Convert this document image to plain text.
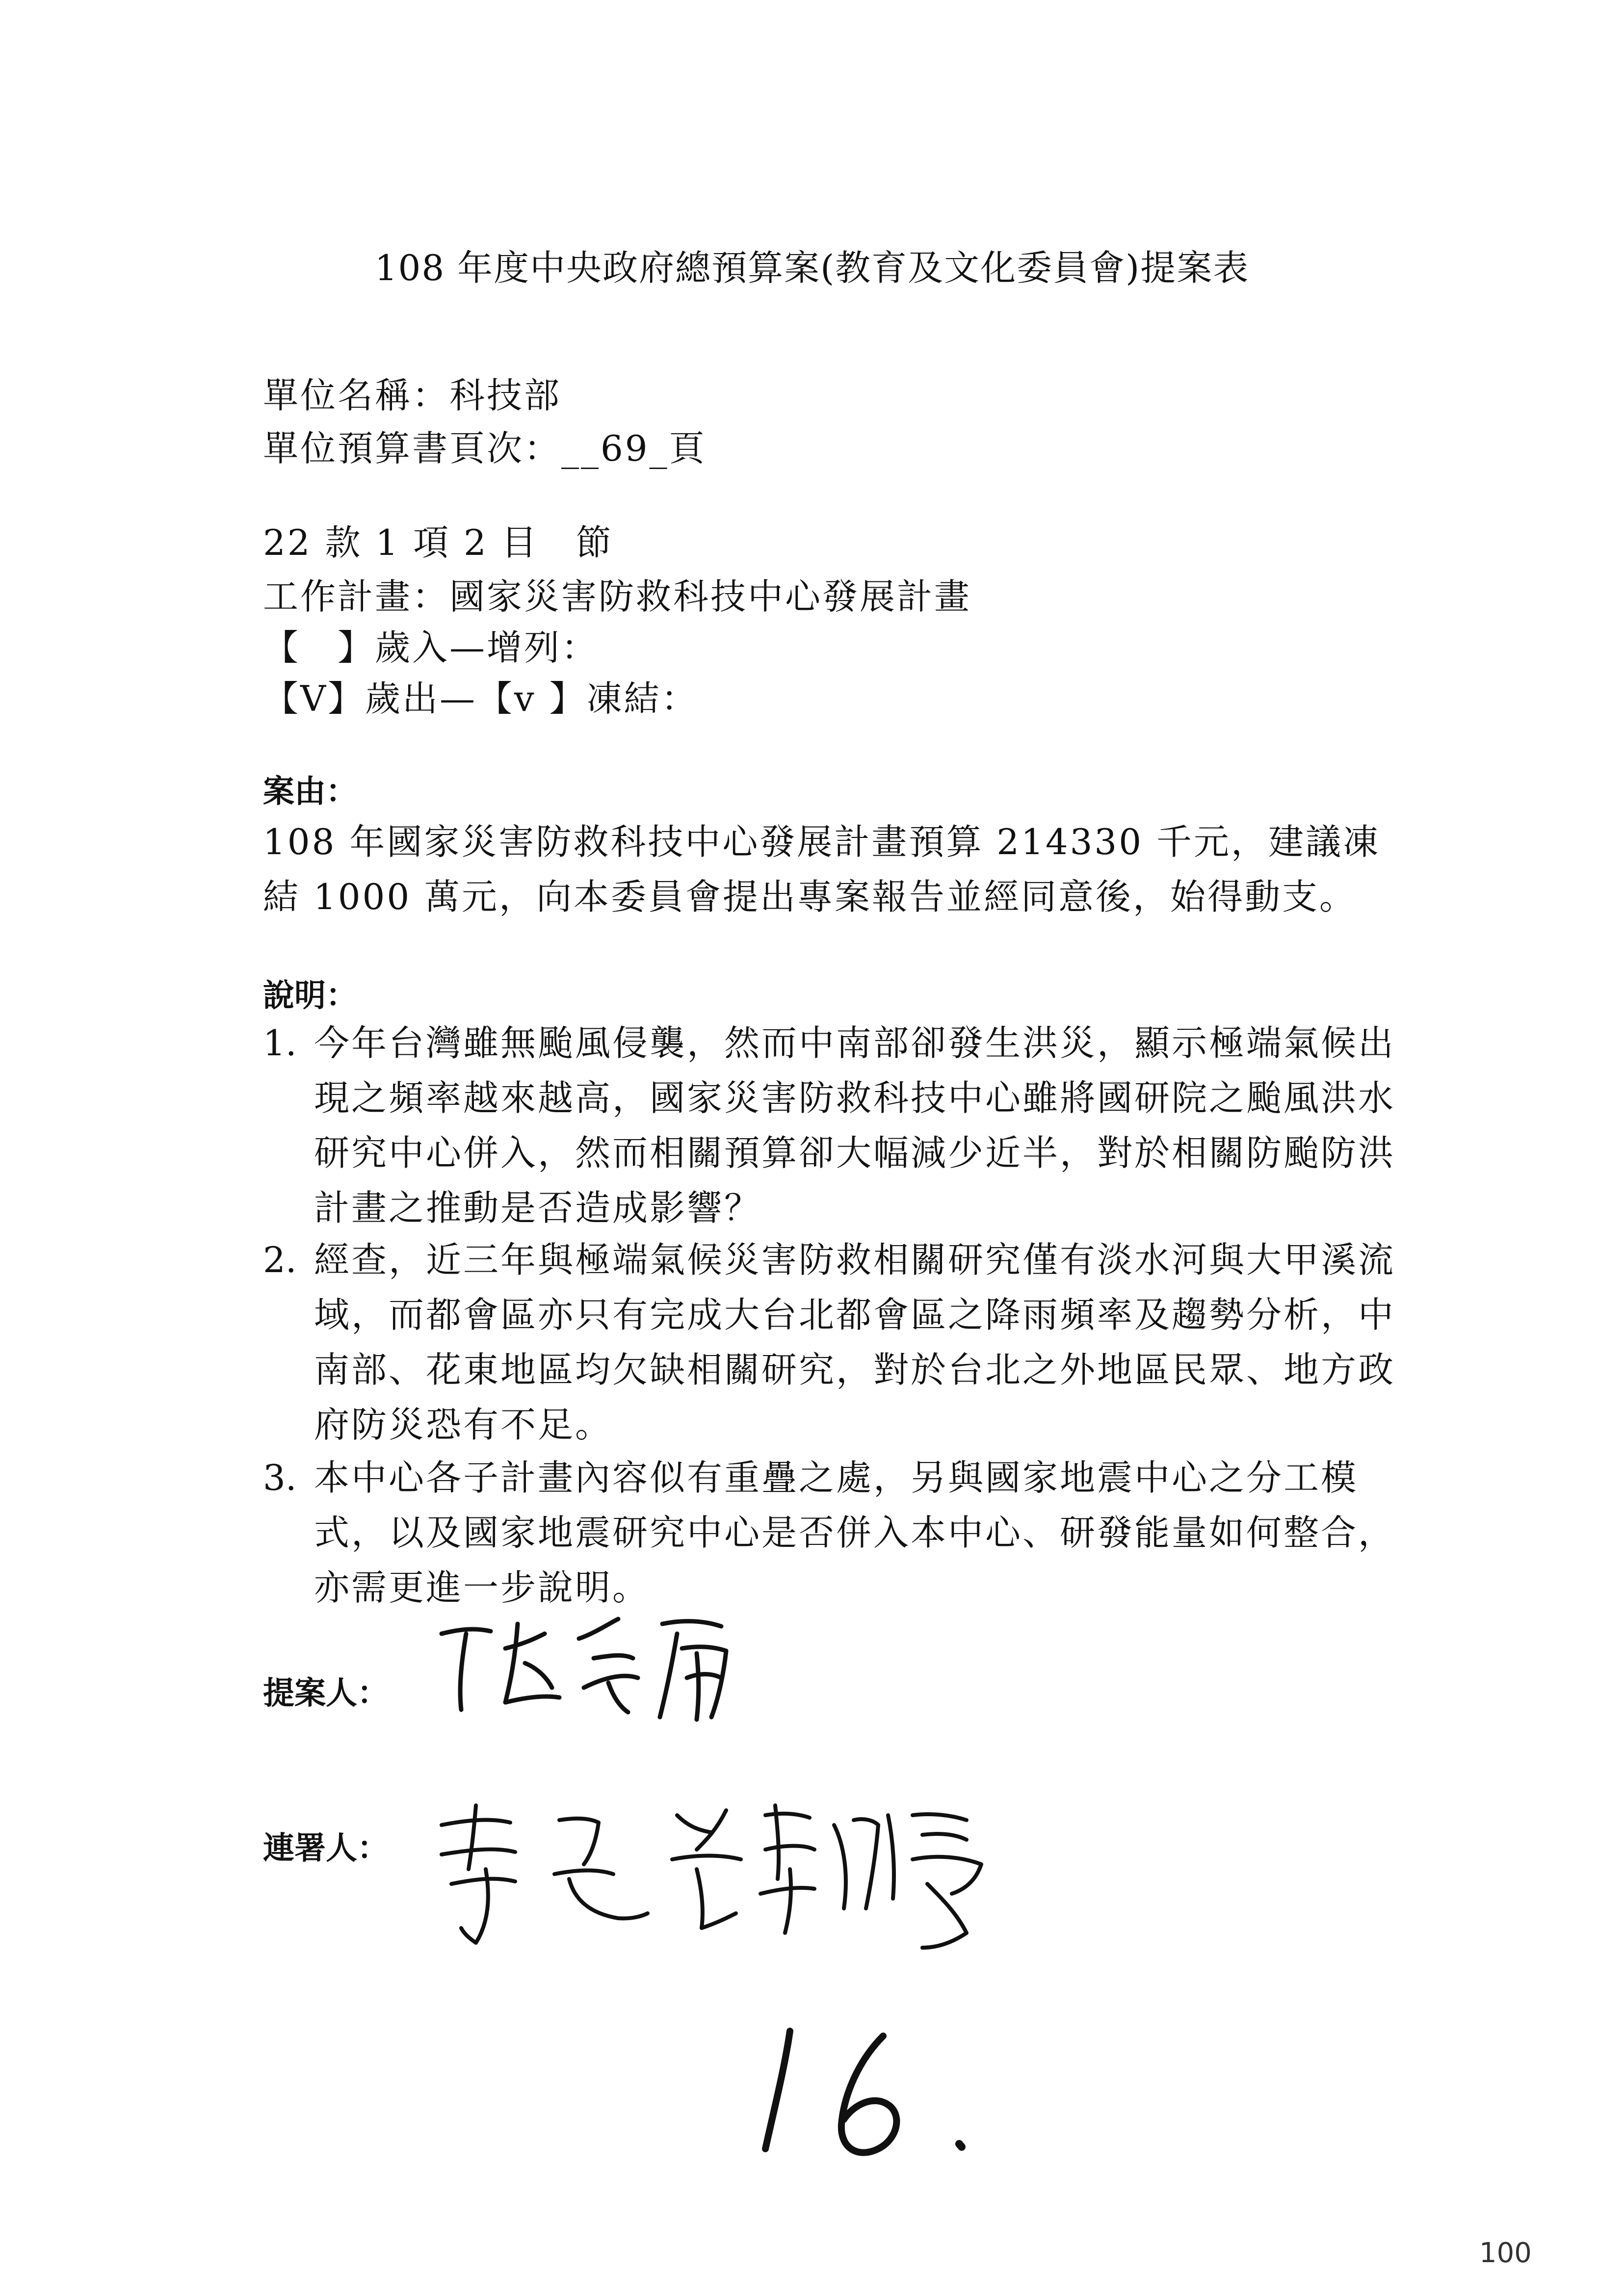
108 年度中央政府總預算案(教育及文化委員會)提案表
單位名稱：科技部
單位預算書頁次：__69_頁
22 款 1 項 2 目　節
工作計畫：國家災害防救科技中心發展計畫
【　】歲入—增列：
【V】歲出—【v 】凍結：
案由：
108 年國家災害防救科技中心發展計畫預算 214330 千元，建議凍結 1000 萬元，向本委員會提出專案報告並經同意後，始得動支。
說明：
1. 今年台灣雖無颱風侵襲，然而中南部卻發生洪災，顯示極端氣候出現之頻率越來越高，國家災害防救科技中心雖將國研院之颱風洪水研究中心併入，然而相關預算卻大幅減少近半，對於相關防颱防洪計畫之推動是否造成影響？
2. 經查，近三年與極端氣候災害防救相關研究僅有淡水河與大甲溪流域，而都會區亦只有完成大台北都會區之降雨頻率及趨勢分析，中南部、花東地區均欠缺相關研究，對於台北之外地區民眾、地方政府防災恐有不足。
3. 本中心各子計畫內容似有重疊之處，另與國家地震中心之分工模式，以及國家地震研究中心是否併入本中心、研發能量如何整合，亦需更進一步說明。
提案人：
連署人：
100
